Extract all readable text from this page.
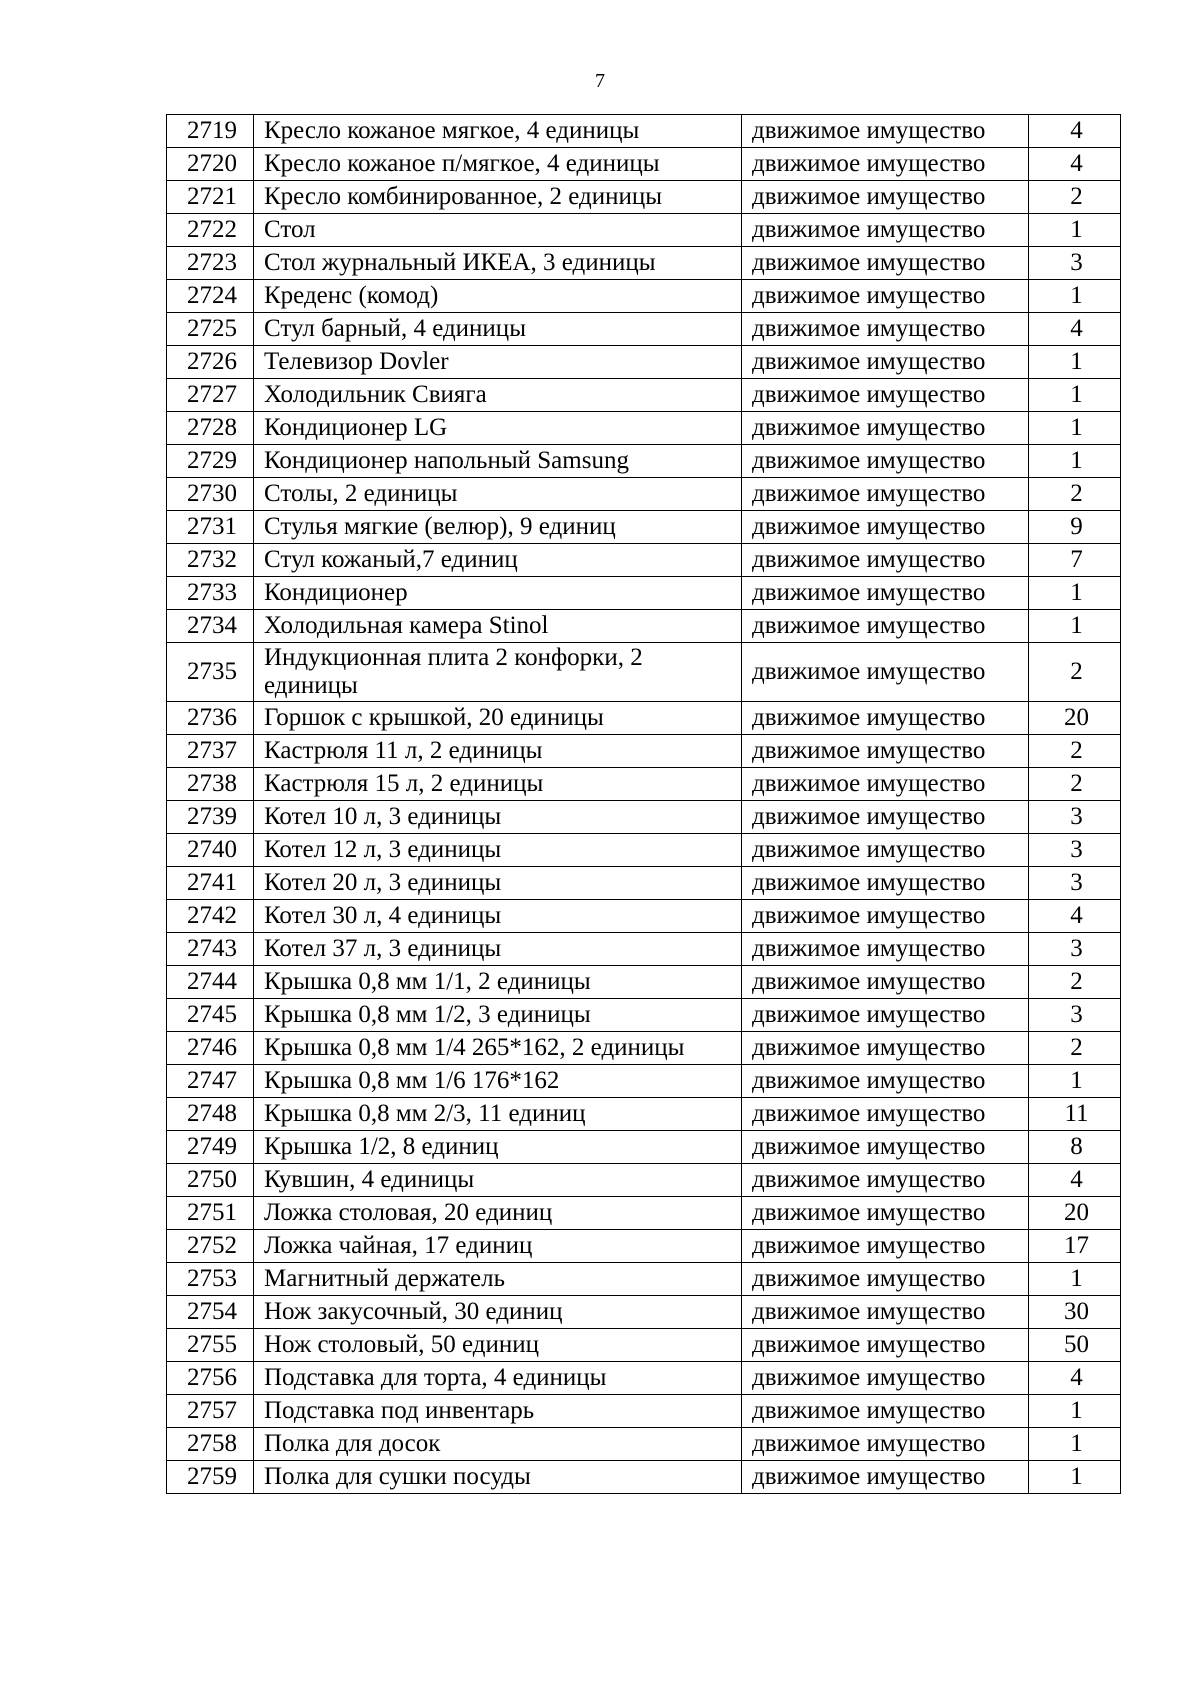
7
2719	Кресло кожаное мягкое, 4 единицы	движимое имущество	4
2720	Кресло кожаное п/мягкое, 4 единицы	движимое имущество	4
2721	Кресло комбинированное, 2 единицы	движимое имущество	2
2722	Стол	движимое имущество	1
2723	Стол журнальный ИКЕА, 3 единицы	движимое имущество	3
2724	Креденс (комод)	движимое имущество	1
2725	Стул барный, 4 единицы	движимое имущество	4
2726	Телевизор Dovler	движимое имущество	1
2727	Холодильник Свияга	движимое имущество	1
2728	Кондиционер LG	движимое имущество	1
2729	Кондиционер напольный Samsung	движимое имущество	1
2730	Столы, 2 единицы	движимое имущество	2
2731	Стулья мягкие (велюр), 9 единиц	движимое имущество	9
2732	Стул кожаный,7 единиц	движимое имущество	7
2733	Кондиционер	движимое имущество	1
2734	Холодильная камера Stinol	движимое имущество	1
2735	Индукционная плита 2 конфорки, 2 единицы	движимое имущество	2
2736	Горшок с крышкой, 20 единицы	движимое имущество	20
2737	Кастрюля 11 л, 2 единицы	движимое имущество	2
2738	Кастрюля 15 л, 2 единицы	движимое имущество	2
2739	Котел 10 л, 3 единицы	движимое имущество	3
2740	Котел 12 л, 3 единицы	движимое имущество	3
2741	Котел 20 л, 3 единицы	движимое имущество	3
2742	Котел 30 л, 4 единицы	движимое имущество	4
2743	Котел 37 л, 3 единицы	движимое имущество	3
2744	Крышка 0,8 мм 1/1, 2 единицы	движимое имущество	2
2745	Крышка 0,8 мм 1/2, 3 единицы	движимое имущество	3
2746	Крышка 0,8 мм 1/4 265*162, 2 единицы	движимое имущество	2
2747	Крышка 0,8 мм 1/6 176*162	движимое имущество	1
2748	Крышка 0,8 мм 2/3, 11 единиц	движимое имущество	11
2749	Крышка 1/2, 8 единиц	движимое имущество	8
2750	Кувшин, 4 единицы	движимое имущество	4
2751	Ложка столовая, 20 единиц	движимое имущество	20
2752	Ложка чайная, 17 единиц	движимое имущество	17
2753	Магнитный держатель	движимое имущество	1
2754	Нож закусочный, 30 единиц	движимое имущество	30
2755	Нож столовый, 50 единиц	движимое имущество	50
2756	Подставка для торта, 4 единицы	движимое имущество	4
2757	Подставка под инвентарь	движимое имущество	1
2758	Полка для досок	движимое имущество	1
2759	Полка для сушки посуды	движимое имущество	1
